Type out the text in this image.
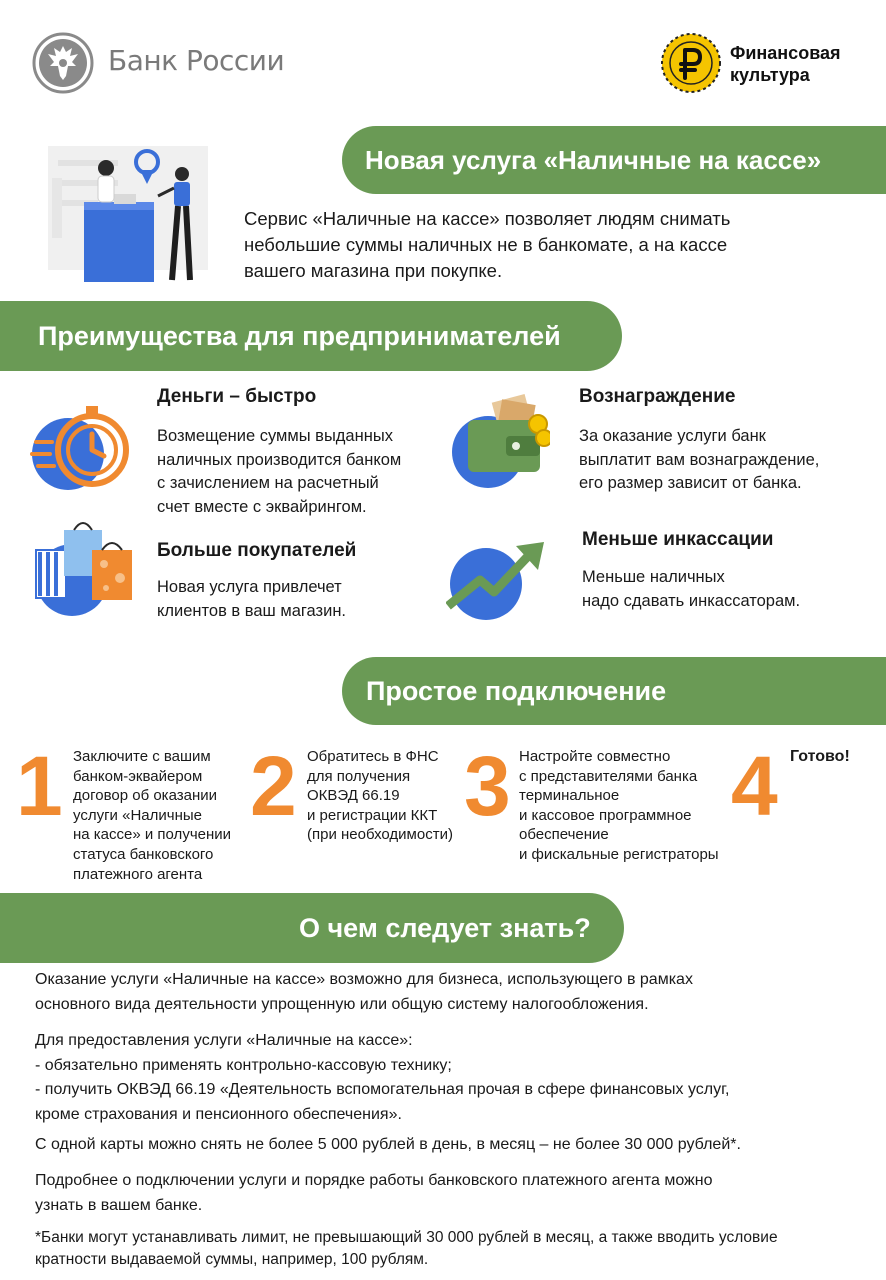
Банк России	Финансовая
культура
Новая услуга «Наличные на кассе»
Сервис «Наличные на кассе» позволяет людям снимать
небольшие суммы наличных не в банкомате, а на кассе
вашего магазина при покупке.
Преимущества для предпринимателей
Деньги – быстро
Возмещение суммы выданных
наличных производится банком
с зачислением на расчетный
счет вместе с эквайрингом.
Вознаграждение
За оказание услуги банк
выплатит вам вознаграждение,
его размер зависит от банка.
Больше покупателей
Новая услуга привлечет
клиентов в ваш магазин.
Меньше инкассации
Меньше наличных
надо сдавать инкассаторам.
Простое подключение
1 Заключите с вашим
банком-эквайером
договор об оказании
услуги «Наличные
на кассе» и получении
статуса банковского
платежного агента
2 Обратитесь в ФНС
для получения
ОКВЭД 66.19
и регистрации ККТ
(при необходимости)
3 Настройте совместно
с представителями банка
терминальное
и кассовое программное
обеспечение
и фискальные регистраторы
4 Готово!
О чем следует знать?
Оказание услуги «Наличные на кассе» возможно для бизнеса, использующего в рамках
основного вида деятельности упрощенную или общую систему налогообложения.
Для предоставления услуги «Наличные на кассе»:
- обязательно применять контрольно-кассовую технику;
- получить ОКВЭД 66.19 «Деятельность вспомогательная прочая в сфере финансовых услуг,
кроме страхования и пенсионного обеспечения».
С одной карты можно снять не более 5 000 рублей в день, в месяц – не более 30 000 рублей*.
Подробнее о подключении услуги и порядке работы банковского платежного агента можно
узнать в вашем банке.
*Банки могут устанавливать лимит, не превышающий 30 000 рублей в месяц, а также вводить условие
кратности выдаваемой суммы, например, 100 рублям.
